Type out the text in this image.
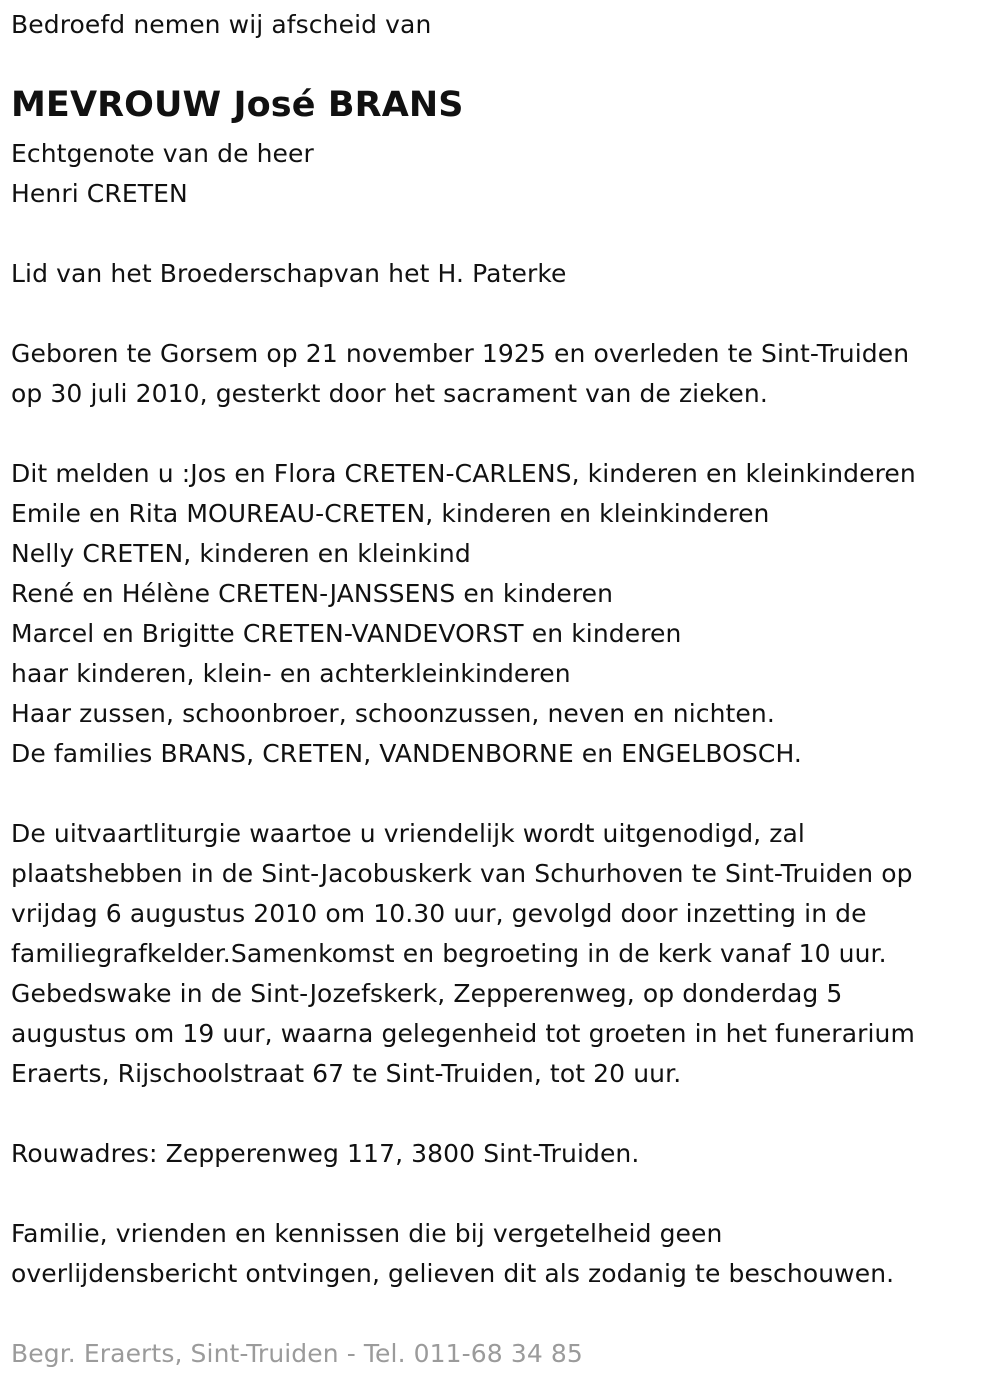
Bedroefd nemen wij afscheid van
MEVROUW José BRANS
Echtgenote van de heer
Henri CRETEN
Lid van het Broederschapvan het H. Paterke
Geboren te Gorsem op 21 november 1925 en overleden te Sint-Truiden
op 30 juli 2010, gesterkt door het sacrament van de zieken.
Dit melden u :Jos en Flora CRETEN-CARLENS, kinderen en kleinkinderen
Emile en Rita MOUREAU-CRETEN, kinderen en kleinkinderen
Nelly CRETEN, kinderen en kleinkind
René en Hélène CRETEN-JANSSENS en kinderen
Marcel en Brigitte CRETEN-VANDEVORST en kinderen
haar kinderen, klein- en achterkleinkinderen
Haar zussen, schoonbroer, schoonzussen, neven en nichten.
De families BRANS, CRETEN, VANDENBORNE en ENGELBOSCH.
De uitvaartliturgie waartoe u vriendelijk wordt uitgenodigd, zal
plaatshebben in de Sint-Jacobuskerk van Schurhoven te Sint-Truiden op
vrijdag 6 augustus 2010 om 10.30 uur, gevolgd door inzetting in de
familiegrafkelder.Samenkomst en begroeting in de kerk vanaf 10 uur.
Gebedswake in de Sint-Jozefskerk, Zepperenweg, op donderdag 5
augustus om 19 uur, waarna gelegenheid tot groeten in het funerarium
Eraerts, Rijschoolstraat 67 te Sint-Truiden, tot 20 uur.
Rouwadres: Zepperenweg 117, 3800 Sint-Truiden.
Familie, vrienden en kennissen die bij vergetelheid geen
overlijdensbericht ontvingen, gelieven dit als zodanig te beschouwen.
Begr. Eraerts, Sint-Truiden - Tel. 011-68 34 85
